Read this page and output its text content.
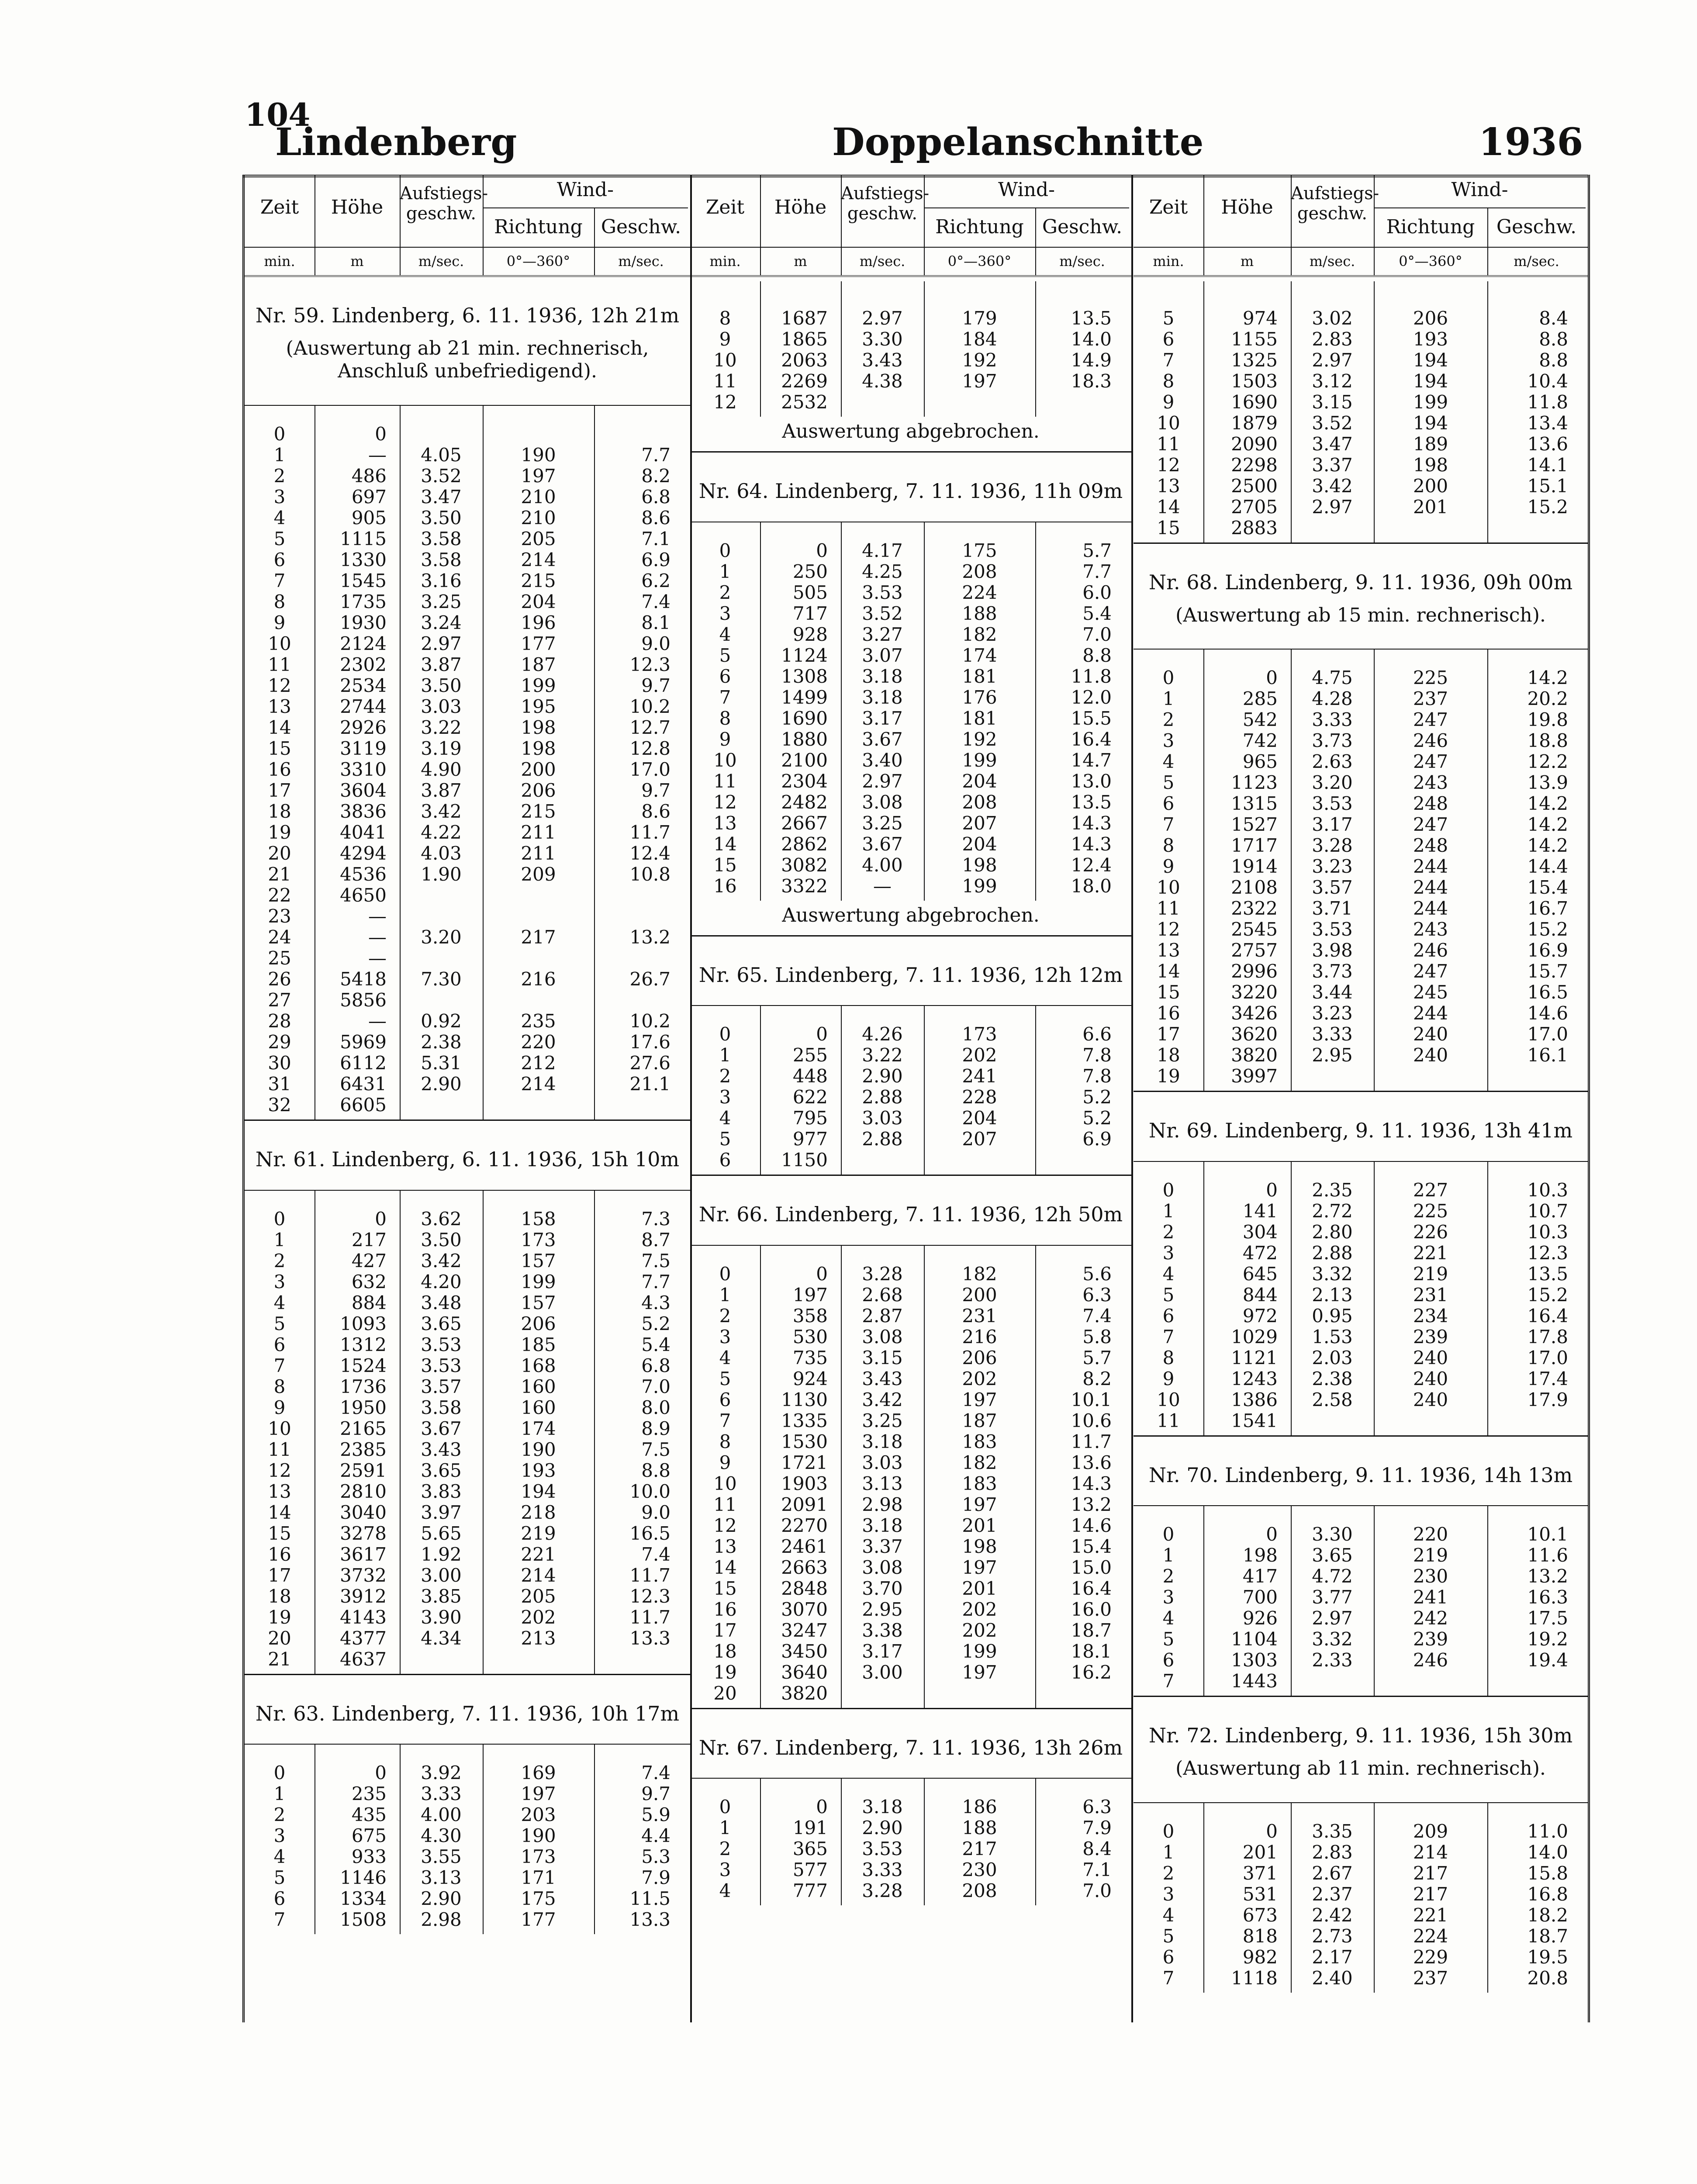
104
Lindenberg	Doppelanschnitte	1936
Zeit	Höhe
Aufstiegs-geschw.
Richtung Geschw.
Wind-
min.	m	m/sec.	0°—360°	m/sec.
Nr. 59. Lindenberg, 6. 11. 1936, 12h 21m
(Auswertung ab 21 min. rechnerisch, Anschluß unbefriedigend).
0	0
1	—	4.05	190	7.7
2	486	3.52	197	8.2
3	697	3.47	210	6.8
4	905	3.50	210	8.6
5	1115	3.58	205	7.1
6	1330	3.58	214	6.9
7	1545	3.16	215	6.2
8	1735	3.25	204	7.4
9	1930	3.24	196	8.1
10	2124	2.97	177	9.0
11	2302	3.87	187	12.3
12	2534	3.50	199	9.7
13	2744	3.03	195	10.2
14	2926	3.22	198	12.7
15	3119	3.19	198	12.8
16	3310	4.90	200	17.0
17	3604	3.87	206	9.7
18	3836	3.42	215	8.6
19	4041	4.22	211	11.7
20	4294	4.03	211	12.4
21	4536	1.90	209	10.8
22	4650
23	—
24	—	3.20	217	13.2
25	—
26	5418	7.30	216	26.7
27	5856
28	—	0.92	235	10.2
29	5969	2.38	220	17.6
30	6112	5.31	212	27.6
31	6431	2.90	214	21.1
32	6605
Nr. 61. Lindenberg, 6. 11. 1936, 15h 10m
0	0	3.62	158	7.3
1	217	3.50	173	8.7
2	427	3.42	157	7.5
3	632	4.20	199	7.7
4	884	3.48	157	4.3
5	1093	3.65	206	5.2
6	1312	3.53	185	5.4
7	1524	3.53	168	6.8
8	1736	3.57	160	7.0
9	1950	3.58	160	8.0
10	2165	3.67	174	8.9
11	2385	3.43	190	7.5
12	2591	3.65	193	8.8
13	2810	3.83	194	10.0
14	3040	3.97	218	9.0
15	3278	5.65	219	16.5
16	3617	1.92	221	7.4
17	3732	3.00	214	11.7
18	3912	3.85	205	12.3
19	4143	3.90	202	11.7
20	4377	4.34	213	13.3
21	4637
Nr. 63. Lindenberg, 7. 11. 1936, 10h 17m
0	0	3.92	169	7.4
1	235	3.33	197	9.7
2	435	4.00	203	5.9
3	675	4.30	190	4.4
4	933	3.55	173	5.3
5	1146	3.13	171	7.9
6	1334	2.90	175	11.5
7	1508	2.98	177	13.3
Zeit	Höhe
Aufstiegs-geschw.
Richtung Geschw.
Wind-
min.	m	m/sec.	0°—360°	m/sec.
8	1687	2.97	179	13.5
9	1865	3.30	184	14.0
10	2063	3.43	192	14.9
11	2269	4.38	197	18.3
12	2532
Auswertung abgebrochen.
Nr. 64. Lindenberg, 7. 11. 1936, 11h 09m
0	0	4.17	175	5.7
1	250	4.25	208	7.7
2	505	3.53	224	6.0
3	717	3.52	188	5.4
4	928	3.27	182	7.0
5	1124	3.07	174	8.8
6	1308	3.18	181	11.8
7	1499	3.18	176	12.0
8	1690	3.17	181	15.5
9	1880	3.67	192	16.4
10	2100	3.40	199	14.7
11	2304	2.97	204	13.0
12	2482	3.08	208	13.5
13	2667	3.25	207	14.3
14	2862	3.67	204	14.3
15	3082	4.00	198	12.4
16	3322	—	199	18.0
Auswertung abgebrochen.
Nr. 65. Lindenberg, 7. 11. 1936, 12h 12m
0	0	4.26	173	6.6
1	255	3.22	202	7.8
2	448	2.90	241	7.8
3	622	2.88	228	5.2
4	795	3.03	204	5.2
5	977	2.88	207	6.9
6	1150
Nr. 66. Lindenberg, 7. 11. 1936, 12h 50m
0	0	3.28	182	5.6
1	197	2.68	200	6.3
2	358	2.87	231	7.4
3	530	3.08	216	5.8
4	735	3.15	206	5.7
5	924	3.43	202	8.2
6	1130	3.42	197	10.1
7	1335	3.25	187	10.6
8	1530	3.18	183	11.7
9	1721	3.03	182	13.6
10	1903	3.13	183	14.3
11	2091	2.98	197	13.2
12	2270	3.18	201	14.6
13	2461	3.37	198	15.4
14	2663	3.08	197	15.0
15	2848	3.70	201	16.4
16	3070	2.95	202	16.0
17	3247	3.38	202	18.7
18	3450	3.17	199	18.1
19	3640	3.00	197	16.2
20	3820
Nr. 67. Lindenberg, 7. 11. 1936, 13h 26m
0	0	3.18	186	6.3
1	191	2.90	188	7.9
2	365	3.53	217	8.4
3	577	3.33	230	7.1
4	777	3.28	208	7.0
Zeit	Höhe
Aufstiegs-geschw.
Richtung	Geschw.
Wind-
min.	m	m/sec.	0°—360°	m/sec.
5	974	3.02	206	8.4
6	1155	2.83	193	8.8
7	1325	2.97	194	8.8
8	1503	3.12	194	10.4
9	1690	3.15	199	11.8
10	1879	3.52	194	13.4
11	2090	3.47	189	13.6
12	2298	3.37	198	14.1
13	2500	3.42	200	15.1
14	2705	2.97	201	15.2
15	2883
Nr. 68. Lindenberg, 9. 11. 1936, 09h 00m
(Auswertung ab 15 min. rechnerisch).
0	0	4.75	225	14.2
1	285	4.28	237	20.2
2	542	3.33	247	19.8
3	742	3.73	246	18.8
4	965	2.63	247	12.2
5	1123	3.20	243	13.9
6	1315	3.53	248	14.2
7	1527	3.17	247	14.2
8	1717	3.28	248	14.2
9	1914	3.23	244	14.4
10	2108	3.57	244	15.4
11	2322	3.71	244	16.7
12	2545	3.53	243	15.2
13	2757	3.98	246	16.9
14	2996	3.73	247	15.7
15	3220	3.44	245	16.5
16	3426	3.23	244	14.6
17	3620	3.33	240	17.0
18	3820	2.95	240	16.1
19	3997
Nr. 69. Lindenberg, 9. 11. 1936, 13h 41m
0	0	2.35	227	10.3
1	141	2.72	225	10.7
2	304	2.80	226	10.3
3	472	2.88	221	12.3
4	645	3.32	219	13.5
5	844	2.13	231	15.2
6	972	0.95	234	16.4
7	1029	1.53	239	17.8
8	1121	2.03	240	17.0
9	1243	2.38	240	17.4
10	1386	2.58	240	17.9
11	1541
Nr. 70. Lindenberg, 9. 11. 1936, 14h 13m
0	0	3.30	220	10.1
1	198	3.65	219	11.6
2	417	4.72	230	13.2
3	700	3.77	241	16.3
4	926	2.97	242	17.5
5	1104	3.32	239	19.2
6	1303	2.33	246	19.4
7	1443
Nr. 72. Lindenberg, 9. 11. 1936, 15h 30m
(Auswertung ab 11 min. rechnerisch).
0	0	3.35	209	11.0
1	201	2.83	214	14.0
2	371	2.67	217	15.8
3	531	2.37	217	16.8
4	673	2.42	221	18.2
5	818	2.73	224	18.7
6	982	2.17	229	19.5
7	1118	2.40	237	20.8
